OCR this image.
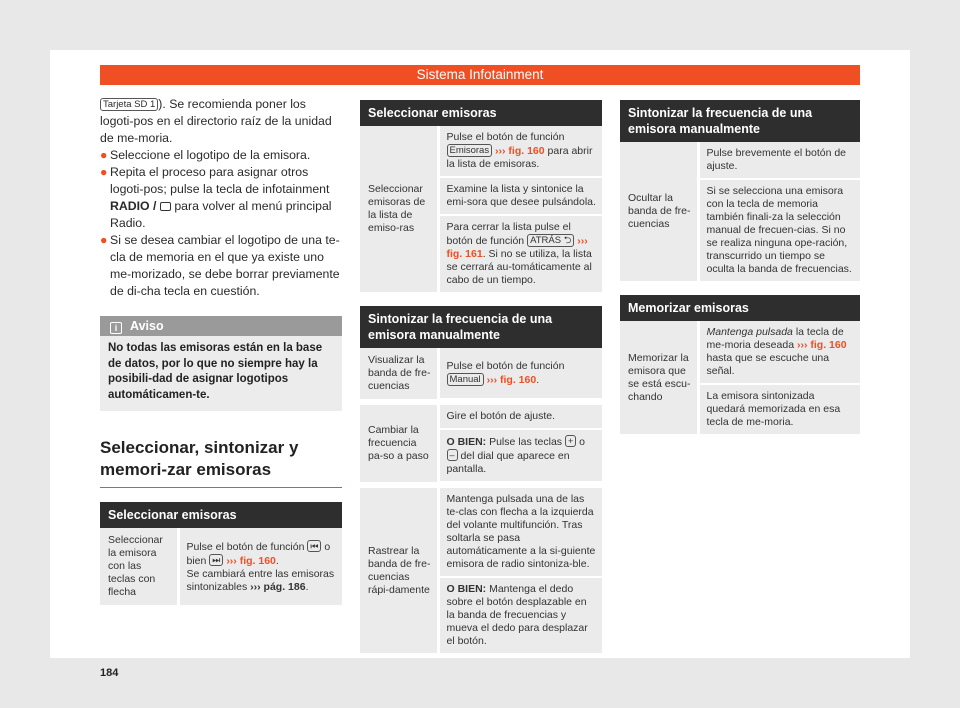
Sistema Infotainment
Tarjeta SD 1 ). Se recomienda poner los logoti-pos en el directorio raíz de la unidad de me-moria.
● Seleccione el logotipo de la emisora.
● Repita el proceso para asignar otros logoti-pos; pulse la tecla de infotainment RADIO / para volver al menú principal Radio.
● Si se desea cambiar el logotipo de una te-cla de memoria en el que ya existe uno me-morizado, se debe borrar previamente de di-cha tecla en cuestión.
i Aviso
No todas las emisoras están en la base de datos, por lo que no siempre hay la posibili-dad de asignar logotipos automáticamen-te.
Seleccionar, sintonizar y memori-zar emisoras
Seleccionar emisoras
Seleccionar la emisora con las teclas con flecha	Pulse el botón de función ⏮ o bien ⏭ ››› fig. 160.
Se cambiará entre las emisoras sintonizables ››› pág. 186.
Seleccionar emisoras
Seleccionar emisoras de la lista de emiso-ras	Pulse el botón de función Emisoras ››› fig. 160 para abrir la lista de emisoras.
Examine la lista y sintonice la emi-sora que desee pulsándola.
Para cerrar la lista pulse el botón de función ATRÁS ⮌ ››› fig. 161. Si no se utiliza, la lista se cerrará au-tomáticamente al cabo de un tiempo.
Sintonizar la frecuencia de una emisora manualmente
Visualizar la banda de fre-cuencias	Pulse el botón de función Manual ››› fig. 160.

Cambiar la frecuencia pa-so a paso	Gire el botón de ajuste.
	O BIEN: Pulse las teclas + o – del dial que aparece en pantalla.

Rastrear la banda de fre-cuencias rápi-damente	Mantenga pulsada una de las te-clas con flecha a la izquierda del volante multifunción. Tras soltarla se pasa automáticamente a la si-guiente emisora de radio sintoniza-ble.
	O BIEN: Mantenga el dedo sobre el botón desplazable en la banda de frecuencias y mueva el dedo para desplazar el botón.
Sintonizar la frecuencia de una emisora manualmente
Ocultar la banda de fre-cuencias	Pulse brevemente el botón de ajuste.
Si se selecciona una emisora con la tecla de memoria también finali-za la selección manual de frecuen-cias. Si no se realiza ninguna ope-ración, transcurrido un tiempo se oculta la banda de frecuencias.
Memorizar emisoras
Memorizar la emisora que se está escu-chando	Mantenga pulsada la tecla de me-moria deseada ››› fig. 160 hasta que se escuche una señal.
La emisora sintonizada quedará memorizada en esa tecla de me-moria.
184
